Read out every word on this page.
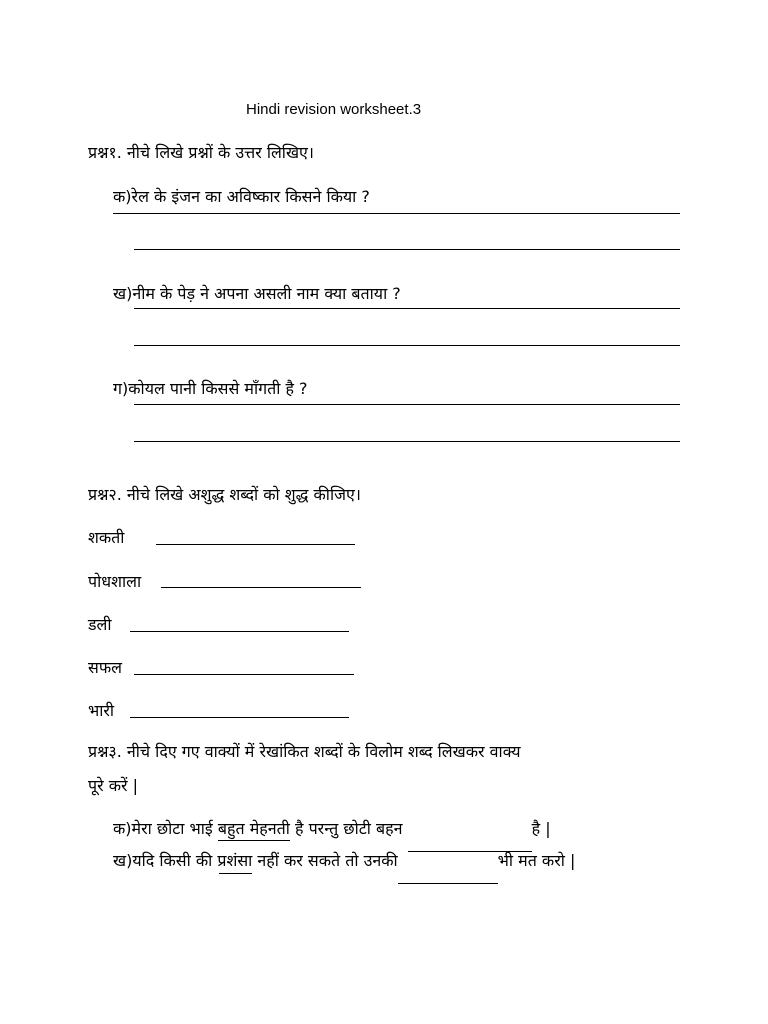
Hindi revision worksheet.3
प्रश्न१. नीचे लिखे प्रश्नों के उत्तर लिखिए।
क)रेल के इंजन का अविष्कार किसने किया ?
ख)नीम के पेड़ ने अपना असली नाम क्या बताया ?
ग)कोयल पानी किससे माँगती है ?
प्रश्न२. नीचे लिखे अशुद्ध शब्दों को शुद्ध कीजिए।
शकती
पोधशाला
डली
सफल
भारी
प्रश्न३. नीचे दिए गए वाक्यों में रेखांकित शब्दों के विलोम शब्द लिखकर वाक्य
पूरे करें |
क)मेरा छोटा भाई बहुत मेहनती
है परन्तु छोटी बहन	है |
ख)यदि किसी की प्रशंसा
नहीं कर सकते तो उनकी	भी मत करो |
